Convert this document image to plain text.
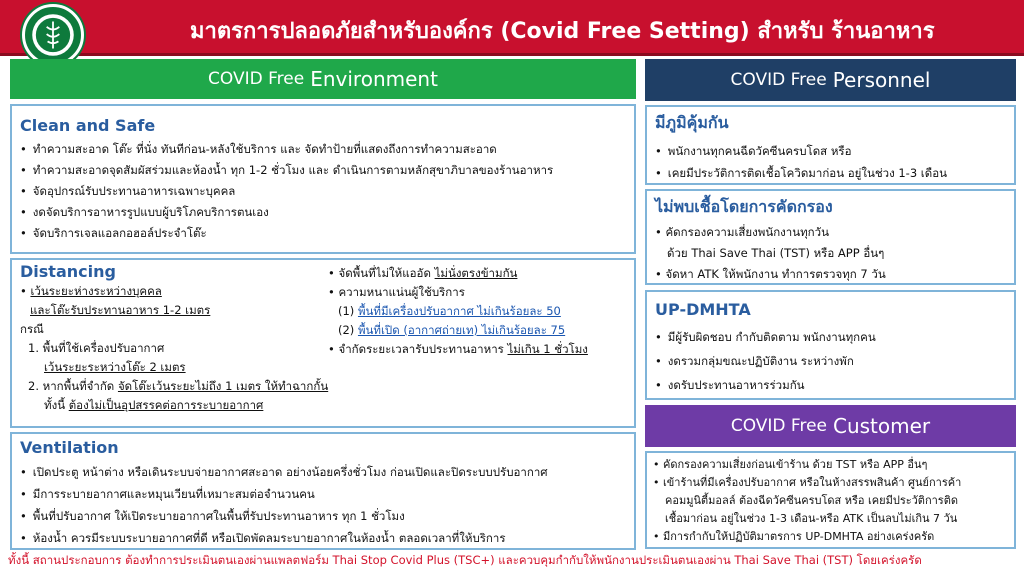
มาตรการปลอดภัยสำหรับองค์กร (Covid Free Setting) สำหรับ ร้านอาหาร
COVID Free Environment
Clean and Safe
• ทำความสะอาด โต๊ะ ที่นั่ง ทันทีก่อน-หลังใช้บริการ และ จัดทำป้ายที่แสดงถึงการทำความสะอาด
• ทำความสะอาดจุดสัมผัสร่วมและห้องน้ำ ทุก 1-2 ชั่วโมง และ ดำเนินการตามหลักสุขาภิบาลของร้านอาหาร
• จัดอุปกรณ์รับประทานอาหารเฉพาะบุคคล
• งดจัดบริการอาหารรูปแบบผู้บริโภคบริการตนเอง
• จัดบริการเจลแอลกอฮอล์ประจำโต๊ะ
Distancing
• เว้นระยะห่างระหว่างบุคคล
และโต๊ะรับประทานอาหาร 1-2 เมตร
กรณี
1. พื้นที่ใช้เครื่องปรับอากาศ
เว้นระยะระหว่างโต๊ะ 2 เมตร
2. หากพื้นที่จำกัด จัดโต๊ะเว้นระยะไม่ถึง 1 เมตร ให้ทำฉากกั้น
ทั้งนี้ ต้องไม่เป็นอุปสรรคต่อการระบายอากาศ
• จัดพื้นที่ไม่ให้แออัด ไม่นั่งตรงข้ามกัน
• ความหนาแน่นผู้ใช้บริการ
(1) พื้นที่มีเครื่องปรับอากาศ ไม่เกินร้อยละ 50
(2) พื้นที่เปิด (อากาศถ่ายเท) ไม่เกินร้อยละ 75
• จำกัดระยะเวลารับประทานอาหาร ไม่เกิน 1 ชั่วโมง
Ventilation
• เปิดประตู หน้าต่าง หรือเดินระบบจ่ายอากาศสะอาด อย่างน้อยครึ่งชั่วโมง ก่อนเปิดและปิดระบบปรับอากาศ
• มีการระบายอากาศและหมุนเวียนที่เหมาะสมต่อจำนวนคน
• พื้นที่ปรับอากาศ ให้เปิดระบายอากาศในพื้นที่รับประทานอาหาร ทุก 1 ชั่วโมง
• ห้องน้ำ ควรมีระบบระบายอากาศที่ดี หรือเปิดพัดลมระบายอากาศในห้องน้ำ ตลอดเวลาที่ให้บริการ
COVID Free Personnel
มีภูมิคุ้มกัน
• พนักงานทุกคนฉีดวัคซีนครบโดส หรือ
• เคยมีประวัติการติดเชื้อโควิดมาก่อน อยู่ในช่วง 1-3 เดือน
ไม่พบเชื้อโดยการคัดกรอง
• คัดกรองความเสี่ยงพนักงานทุกวัน
ด้วย Thai Save Thai (TST) หรือ APP อื่นๆ
• จัดหา ATK ให้พนักงาน ทำการตรวจทุก 7 วัน
UP-DMHTA
• มีผู้รับผิดชอบ กำกับติดตาม พนักงานทุกคน
• งดรวมกลุ่มขณะปฏิบัติงาน ระหว่างพัก
• งดรับประทานอาหารร่วมกัน
COVID Free Customer
• คัดกรองความเสี่ยงก่อนเข้าร้าน ด้วย TST หรือ APP อื่นๆ
• เข้าร้านที่มีเครื่องปรับอากาศ หรือในห้างสรรพสินค้า ศูนย์การค้า
คอมมูนิตี้มอลล์ ต้องฉีดวัคซีนครบโดส หรือ เคยมีประวัติการติด
เชื้อมาก่อน อยู่ในช่วง 1-3 เดือน-หรือ ATK เป็นลบไม่เกิน 7 วัน
• มีการกำกับให้ปฏิบัติมาตรการ UP-DMHTA อย่างเคร่งครัด
ทั้งนี้ สถานประกอบการ ต้องทำการประเมินตนเองผ่านแพลตฟอร์ม Thai Stop Covid Plus (TSC+) และควบคุมกำกับให้พนักงานประเมินตนเองผ่าน Thai Save Thai (TST) โดยเคร่งครัด
